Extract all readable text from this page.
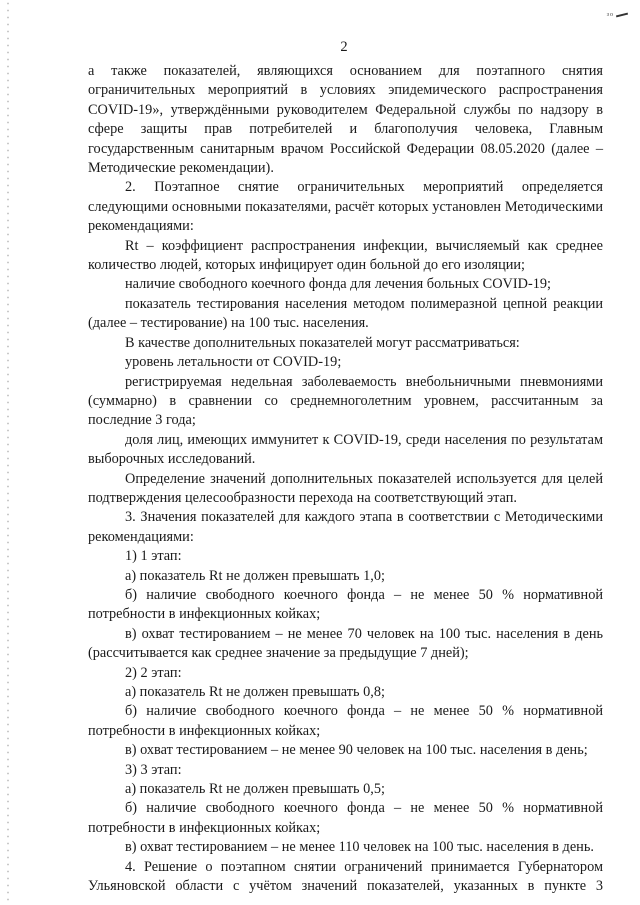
зо
2

а также показателей, являющихся основанием для поэтапного снятия ограничительных мероприятий в условиях эпидемического распространения COVID-19», утверждёнными руководителем Федеральной службы по надзору в сфере защиты прав потребителей и благополучия человека, Главным государственным санитарным врачом Российской Федерации 08.05.2020 (далее – Методические рекомендации).

2. Поэтапное снятие ограничительных мероприятий определяется следующими основными показателями, расчёт которых установлен Методическими рекомендациями:

Rt – коэффициент распространения инфекции, вычисляемый как среднее количество людей, которых инфицирует один больной до его изоляции;

наличие свободного коечного фонда для лечения больных COVID-19;

показатель тестирования населения методом полимеразной цепной реакции (далее – тестирование) на 100 тыс. населения.

В качестве дополнительных показателей могут рассматриваться:

уровень летальности от COVID-19;

регистрируемая недельная заболеваемость внебольничными пневмониями (суммарно) в сравнении со среднемноголетним уровнем, рассчитанным за последние 3 года;

доля лиц, имеющих иммунитет к COVID-19, среди населения по результатам выборочных исследований.

Определение значений дополнительных показателей используется для целей подтверждения целесообразности перехода на соответствующий этап.

3. Значения показателей для каждого этапа в соответствии с Методическими рекомендациями:

1) 1 этап:

а) показатель Rt не должен превышать 1,0;

б) наличие свободного коечного фонда – не менее 50 % нормативной потребности в инфекционных койках;

в) охват тестированием – не менее 70 человек на 100 тыс. населения в день (рассчитывается как среднее значение за предыдущие 7 дней);

2) 2 этап:

а) показатель Rt не должен превышать 0,8;

б) наличие свободного коечного фонда – не менее 50 % нормативной потребности в инфекционных койках;

в) охват тестированием – не менее 90 человек на 100 тыс. населения в день;

3) 3 этап:

а) показатель Rt не должен превышать 0,5;

б) наличие свободного коечного фонда – не менее 50 % нормативной потребности в инфекционных койках;

в) охват тестированием – не менее 110 человек на 100 тыс. населения в день.

4. Решение о поэтапном снятии ограничений принимается Губернатором Ульяновской области с учётом значений показателей, указанных в пункте 3
